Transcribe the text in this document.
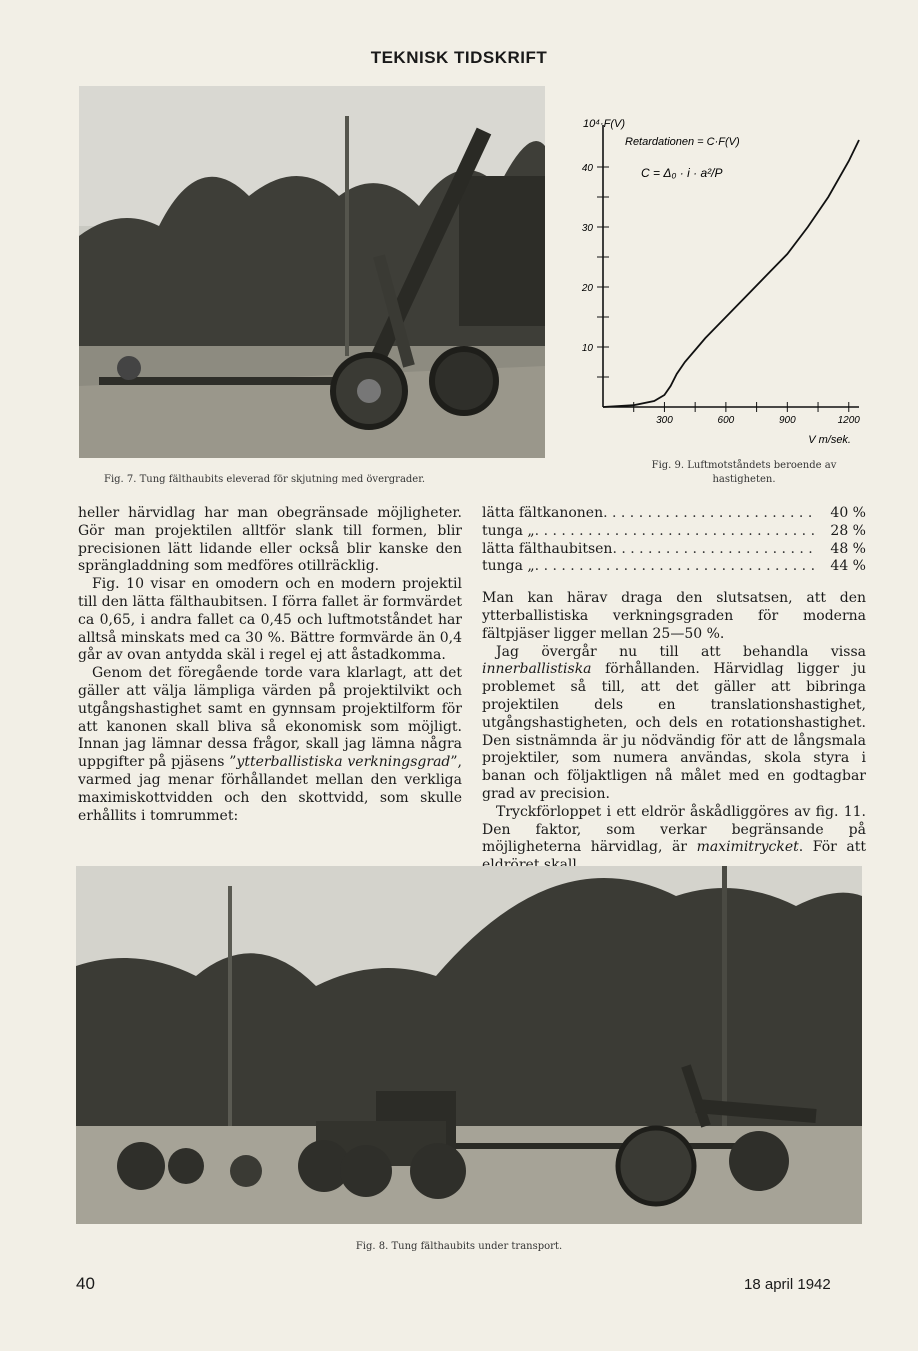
TEKNISK TIDSKRIFT
Fig. 7. Tung fälthaubits eleverad för skjutning med övergrader.
10
20
30
40
300	600	900	1200
10⁴·F(V)
V m/sek.
Retardationen = C·F(V)
C = Δ₀ · i · a²/P
Fig. 9. Luftmotståndets beroende av hastigheten.

heller härvidlag har man obegränsade möjligheter. Gör man projektilen alltför slank till formen, blir precisionen lätt lidande eller också blir kanske den sprängladdning som medföres otillräcklig.

Fig. 10 visar en omodern och en modern projektil till den lätta fälthaubitsen. I förra fallet är formvärdet ca 0,65, i andra fallet ca 0,45 och luftmotståndet har alltså minskats med ca 30 %. Bättre formvärde än 0,4 går av ovan antydda skäl i regel ej att åstadkomma.

Genom det föregående torde vara klarlagt, att det gäller att välja lämpliga värden på projektilvikt och utgångshastighet samt en gynnsam projektilform för att kanonen skall bliva så ekonomisk som möjligt. Innan jag lämnar dessa frågor, skall jag lämna några uppgifter på pjäsens ”ytterballistiska verkningsgrad”, varmed jag menar förhållandet mellan den verkliga maximiskottvidden och den skottvidd, som skulle erhållits i tomrummet:

lätta fältkanonen . . .	40 %
tunga „ . . .	28 %
lätta fälthaubitsen . . .	48 %
tunga „ . . .	44 %

Man kan härav draga den slutsatsen, att den ytterballistiska verkningsgraden för moderna fältpjäser ligger mellan 25—50 %.

Jag övergår nu till att behandla vissa innerballistiska förhållanden. Härvidlag ligger ju problemet så till, att det gäller att bibringa projektilen dels en translationshastighet, utgångshastigheten, och dels en rotationshastighet. Den sistnämnda är ju nödvändig för att de långsmala projektiler, som numera användas, skola styra i banan och följaktligen nå målet med en godtagbar grad av precision.

Tryckförloppet i ett eldrör åskådliggöres av fig. 11. Den faktor, som verkar begränsande på möjligheterna härvidlag, är maximitrycket. För att

Fig. 8. Tung fälthaubits under transport.
40	18 april 1942
